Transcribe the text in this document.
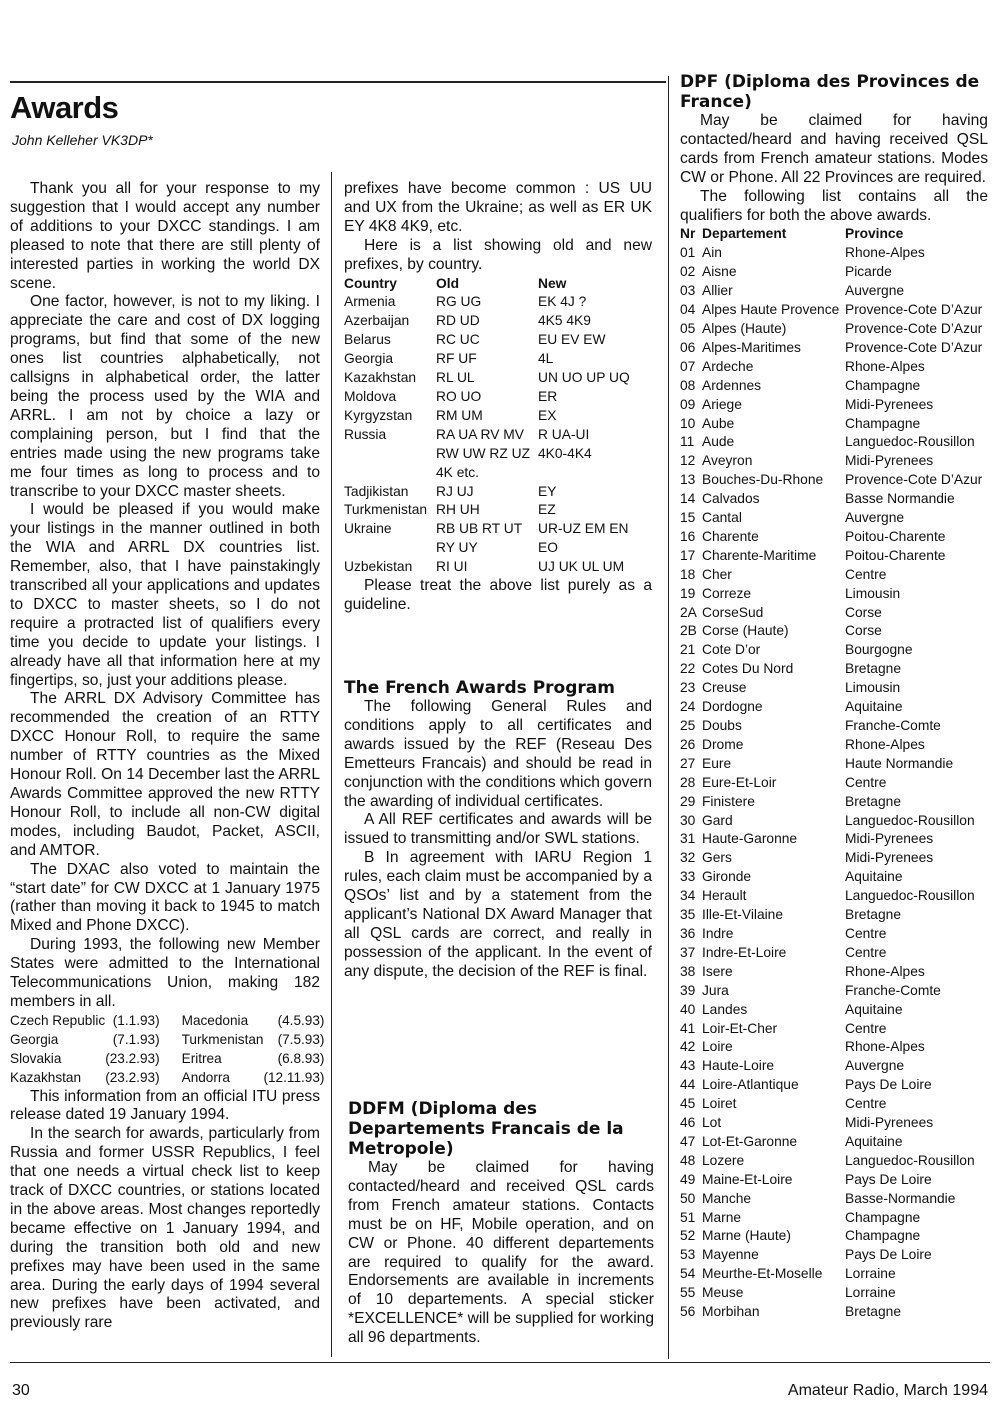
Awards

John Kelleher VK3DP*

Thank you all for your response to my suggestion that I would accept any number of additions to your DXCC standings. I am pleased to note that there are still plenty of interested parties in working the world DX scene.

One factor, however, is not to my liking. I appreciate the care and cost of DX logging programs, but find that some of the new ones list countries alphabetically, not callsigns in alphabetical order, the latter being the process used by the WIA and ARRL. I am not by choice a lazy or complaining person, but I find that the entries made using the new programs take me four times as long to process and to transcribe to your DXCC master sheets.

I would be pleased if you would make your listings in the manner outlined in both the WIA and ARRL DX countries list. Remember, also, that I have painstakingly transcribed all your applications and updates to DXCC to master sheets, so I do not require a protracted list of qualifiers every time you decide to update your listings. I already have all that information here at my fingertips, so, just your additions please.

The ARRL DX Advisory Committee has recommended the creation of an RTTY DXCC Honour Roll, to require the same number of RTTY countries as the Mixed Honour Roll. On 14 December last the ARRL Awards Committee approved the new RTTY Honour Roll, to include all non-CW digital modes, including Baudot, Packet, ASCII, and AMTOR.

The DXAC also voted to maintain the “start date” for CW DXCC at 1 January 1975 (rather than moving it back to 1945 to match Mixed and Phone DXCC).

During 1993, the following new Member States were admitted to the International Telecommunications Union, making 182 members in all.

Czech Republic	(1.1.93)	Macedonia	(4.5.93)
Georgia	(7.1.93)	Turkmenistan	(7.5.93)
Slovakia	(23.2.93)	Eritrea	(6.8.93)
Kazakhstan	(23.2.93)	Andorra	(12.11.93)

This information from an official ITU press release dated 19 January 1994.

In the search for awards, particularly from Russia and former USSR Republics, I feel that one needs a virtual check list to keep track of DXCC countries, or stations located in the above areas. Most changes reportedly became effective on 1 January 1994, and during the transition both old and new prefixes may have been used in the same area. During the early days of 1994 several new prefixes have been activated, and previously rare

prefixes have become common : US UU and UX from the Ukraine; as well as ER UK EY 4K8 4K9, etc.

Here is a list showing old and new prefixes, by country.

Country	Old	New
Armenia	RG UG	EK 4J ?
Azerbaijan	RD UD	4K5 4K9
Belarus	RC UC	EU EV EW
Georgia	RF UF	4L
Kazakhstan	RL UL	UN UO UP UQ
Moldova	RO UO	ER
Kyrgyzstan	RM UM	EX
Russia	RA UA RV MV	R UA-UI
	RW UW RZ UZ	4K0-4K4
	4K etc.	
Tadjikistan	RJ UJ	EY
Turkmenistan	RH UH	EZ
Ukraine	RB UB RT UT	UR-UZ EM EN
	RY UY	EO
Uzbekistan	RI UI	UJ UK UL UM

Please treat the above list purely as a guideline.

The French Awards Program

The following General Rules and conditions apply to all certificates and awards issued by the REF (Reseau Des Emetteurs Francais) and should be read in conjunction with the conditions which govern the awarding of individual certificates.

A All REF certificates and awards will be issued to transmitting and/or SWL stations.

B In agreement with IARU Region 1 rules, each claim must be accompanied by a QSOs’ list and by a statement from the applicant’s National DX Award Manager that all QSL cards are correct, and really in possession of the applicant. In the event of any dispute, the decision of the REF is final.

DDFM (Diploma des Departements Francais de la Metropole)

May be claimed for having contacted/heard and received QSL cards from French amateur stations. Contacts must be on HF, Mobile operation, and on CW or Phone. 40 different departements are required to qualify for the award. Endorsements are available in increments of 10 departements. A special sticker *EXCELLENCE* will be supplied for working all 96 departments.

DPF (Diploma des Provinces de France)

May be claimed for having contacted/heard and having received QSL cards from French amateur stations. Modes CW or Phone. All 22 Provinces are required.

The following list contains all the qualifiers for both the above awards.

Nr	Departement	Province
01	Ain	Rhone-Alpes
02	Aisne	Picarde
03	Allier	Auvergne
04	Alpes Haute Provence	Provence-Cote D’Azur
05	Alpes (Haute)	Provence-Cote D’Azur
06	Alpes-Maritimes	Provence-Cote D’Azur
07	Ardeche	Rhone-Alpes
08	Ardennes	Champagne
09	Ariege	Midi-Pyrenees
10	Aube	Champagne
11	Aude	Languedoc-Rousillon
12	Aveyron	Midi-Pyrenees
13	Bouches-Du-Rhone	Provence-Cote D’Azur
14	Calvados	Basse Normandie
15	Cantal	Auvergne
16	Charente	Poitou-Charente
17	Charente-Maritime	Poitou-Charente
18	Cher	Centre
19	Correze	Limousin
2A	CorseSud	Corse
2B	Corse (Haute)	Corse
21	Cote D’or	Bourgogne
22	Cotes Du Nord	Bretagne
23	Creuse	Limousin
24	Dordogne	Aquitaine
25	Doubs	Franche-Comte
26	Drome	Rhone-Alpes
27	Eure	Haute Normandie
28	Eure-Et-Loir	Centre
29	Finistere	Bretagne
30	Gard	Languedoc-Rousillon
31	Haute-Garonne	Midi-Pyrenees
32	Gers	Midi-Pyrenees
33	Gironde	Aquitaine
34	Herault	Languedoc-Rousillon
35	Ille-Et-Vilaine	Bretagne
36	Indre	Centre
37	Indre-Et-Loire	Centre
38	Isere	Rhone-Alpes
39	Jura	Franche-Comte
40	Landes	Aquitaine
41	Loir-Et-Cher	Centre
42	Loire	Rhone-Alpes
43	Haute-Loire	Auvergne
44	Loire-Atlantique	Pays De Loire
45	Loiret	Centre
46	Lot	Midi-Pyrenees
47	Lot-Et-Garonne	Aquitaine
48	Lozere	Languedoc-Rousillon
49	Maine-Et-Loire	Pays De Loire
50	Manche	Basse-Normandie
51	Marne	Champagne
52	Marne (Haute)	Champagne
53	Mayenne	Pays De Loire
54	Meurthe-Et-Moselle	Lorraine
55	Meuse	Lorraine
56	Morbihan	Bretagne
30	Amateur Radio, March 1994
